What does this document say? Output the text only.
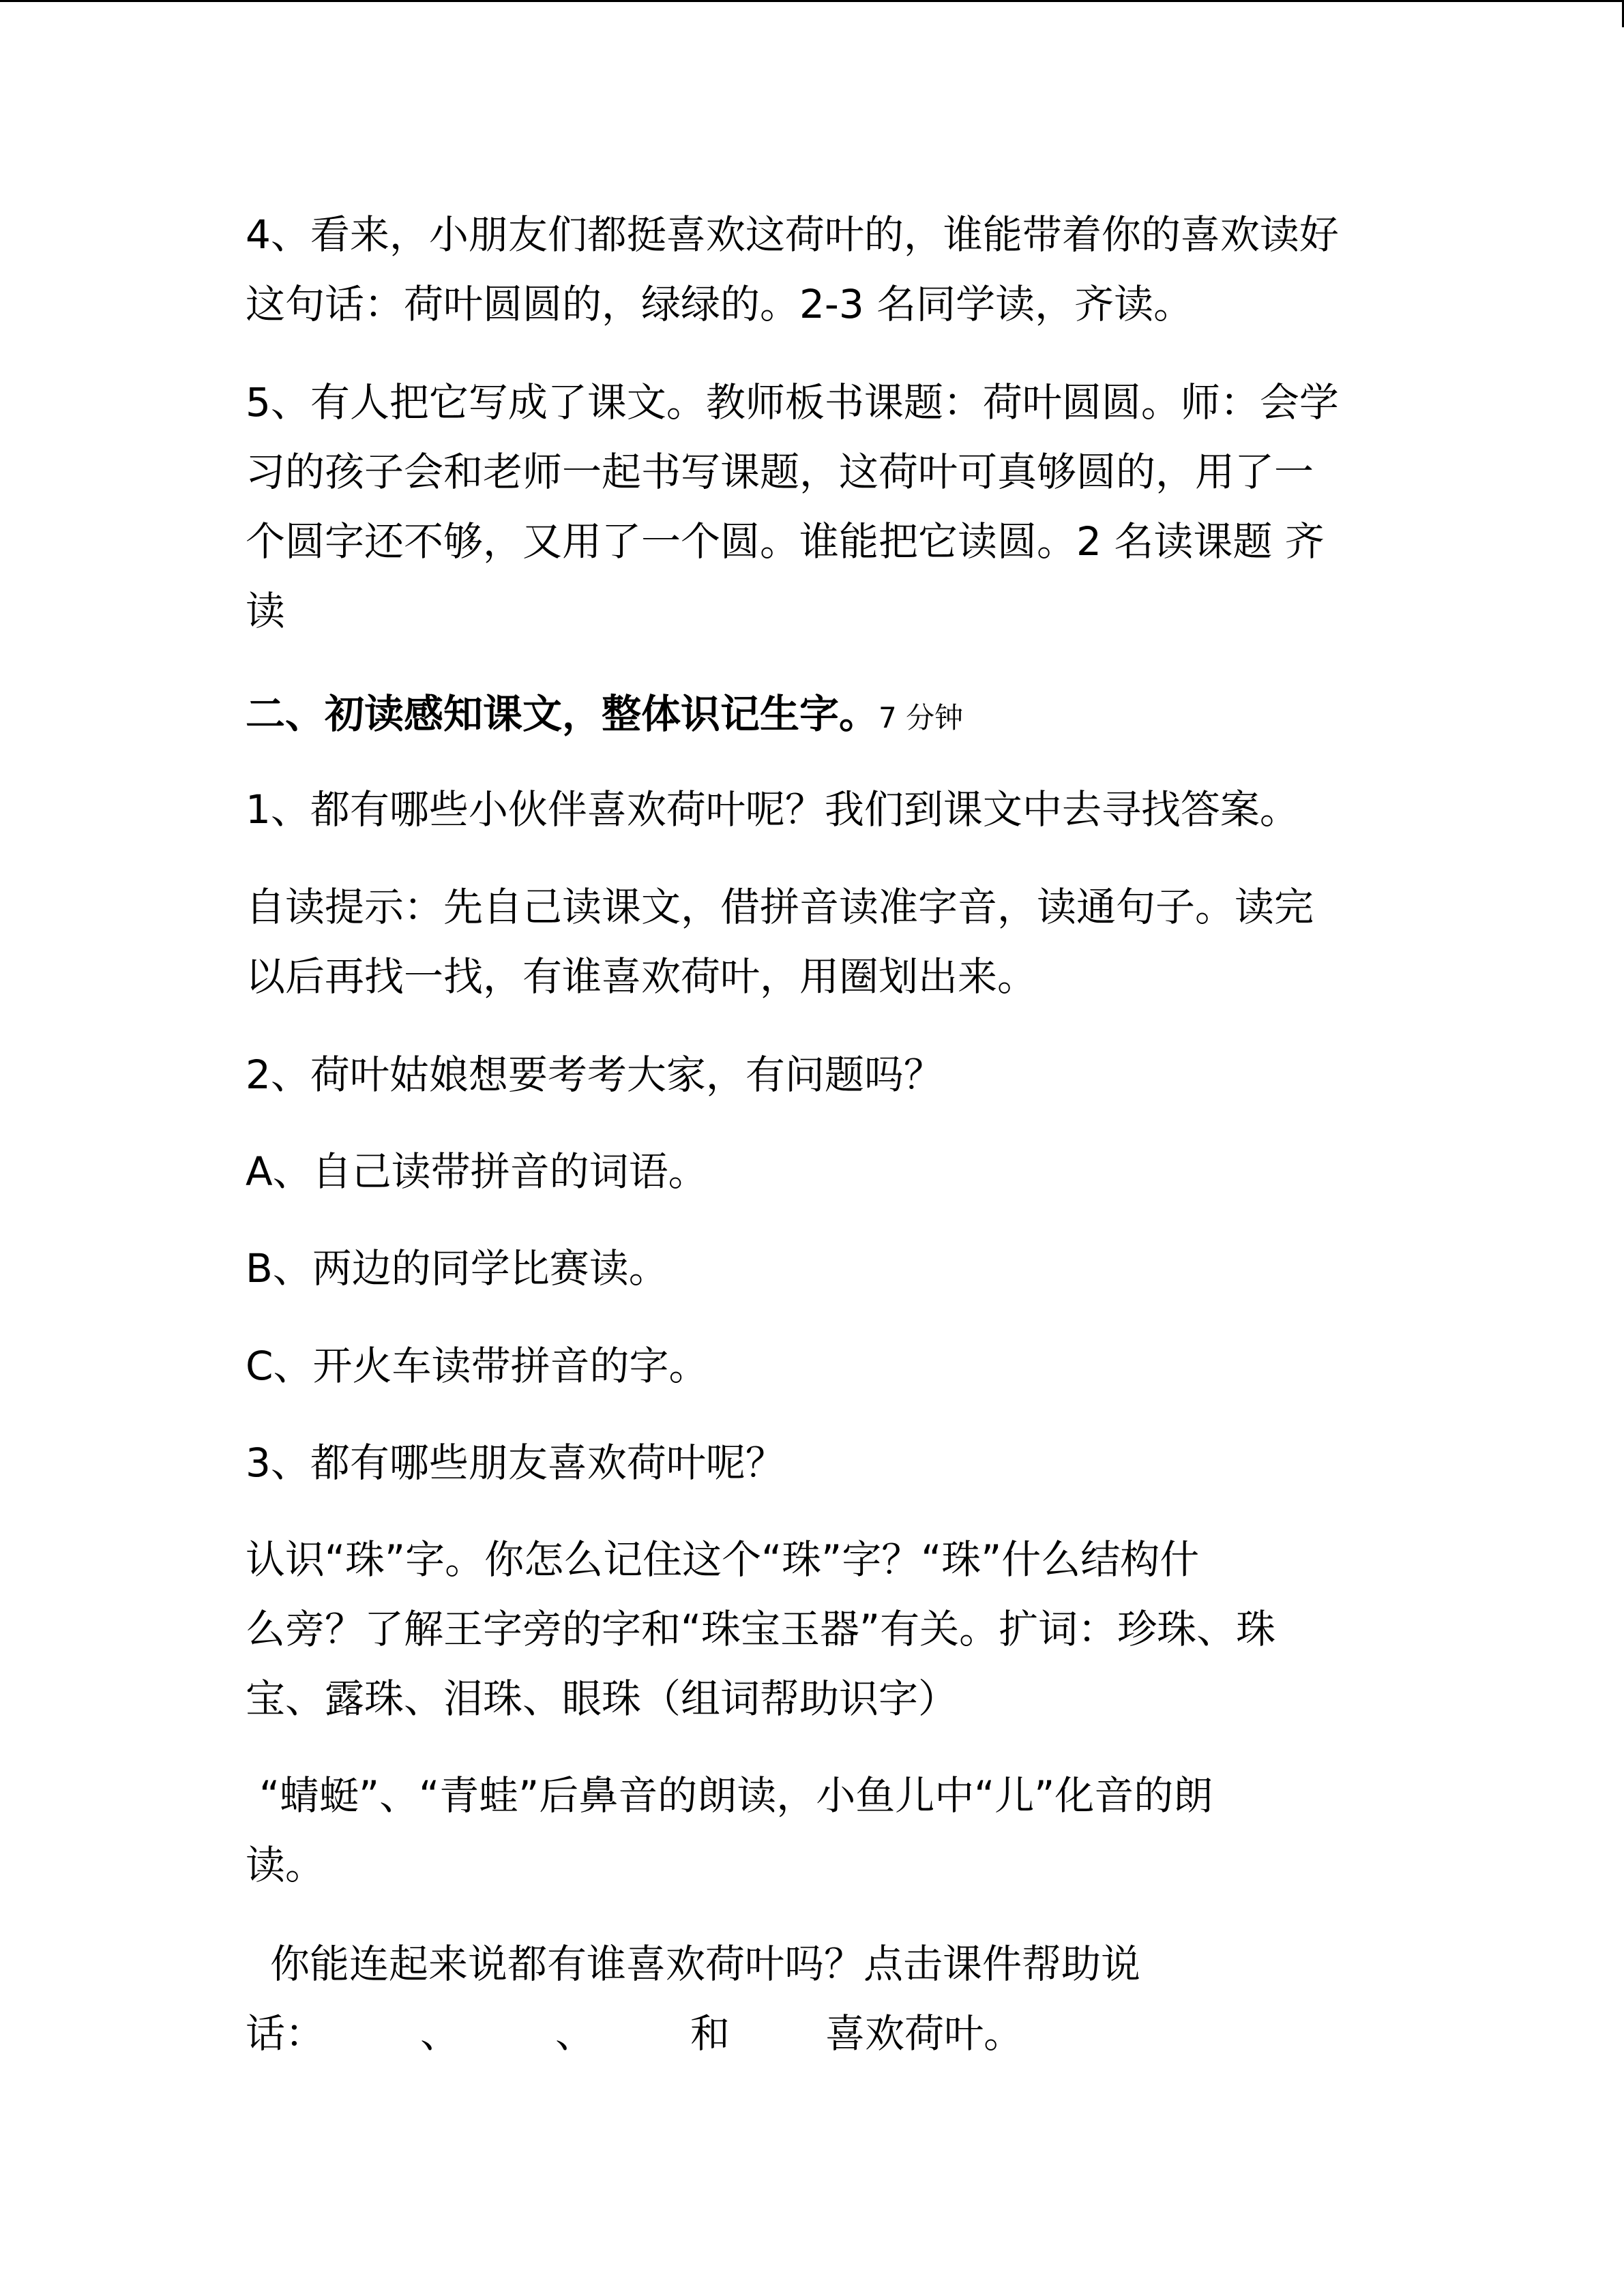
4、看来，小朋友们都挺喜欢这荷叶的，谁能带着你的喜欢读好
这句话：荷叶圆圆的，绿绿的。2-3 名同学读，齐读。

5、有人把它写成了课文。教师板书课题：荷叶圆圆。师：会学
习的孩子会和老师一起书写课题，这荷叶可真够圆的，用了一
个圆字还不够，又用了一个圆。谁能把它读圆。2 名读课题 齐
读

二、初读感知课文，整体识记生字。7 分钟

1、都有哪些小伙伴喜欢荷叶呢？我们到课文中去寻找答案。

自读提示：先自己读课文，借拼音读准字音，读通句子。读完
以后再找一找，有谁喜欢荷叶，用圈划出来。

2、荷叶姑娘想要考考大家，有问题吗？

A、自己读带拼音的词语。

B、两边的同学比赛读。

C、开火车读带拼音的字。

3、都有哪些朋友喜欢荷叶呢？

认识“珠”字。你怎么记住这个“珠”字？“珠”什么结构什
么旁？了解王字旁的字和“珠宝玉器”有关。扩词：珍珠、珠
宝、露珠、泪珠、眼珠（组词帮助识字）

“蜻蜓”、“青蛙”后鼻音的朗读，小鱼儿中“儿”化音的朗
读。

你能连起来说都有谁喜欢荷叶吗？点击课件帮助说
话： 、 、 和 喜欢荷叶。
